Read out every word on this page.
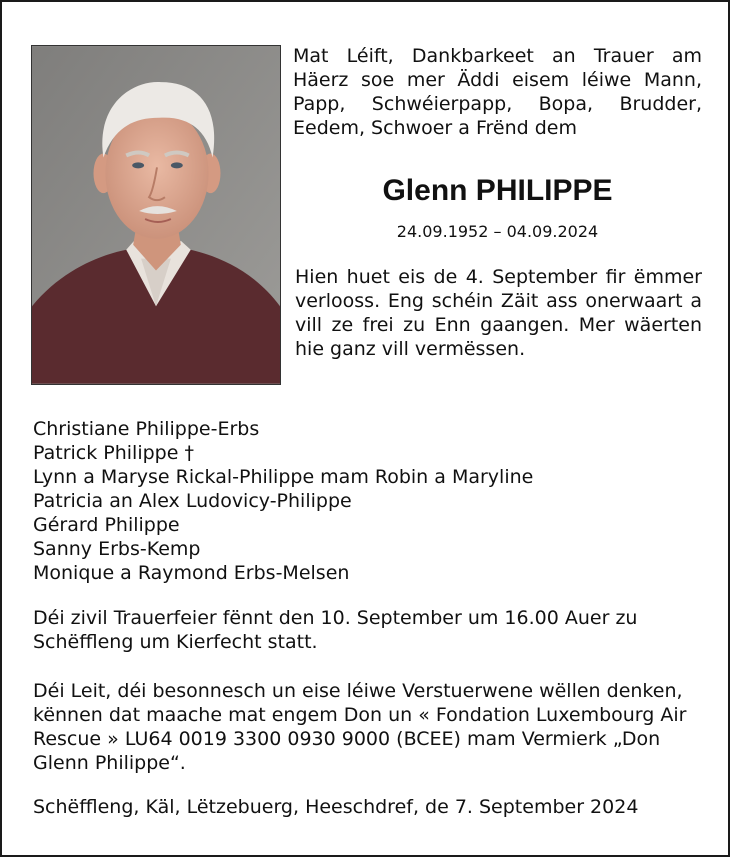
Mat Léift, Dankbarkeet an Trauer am Häerz soe mer Äddi eisem léiwe Mann, Papp, Schwéierpapp, Bopa, Brudder, Eedem, Schwoer a Frënd dem

Glenn PHILIPPE

24.09.1952 – 04.09.2024

Hien huet eis de 4. September fir ëmmer verlooss. Eng schéin Zäit ass onerwaart a vill ze frei zu Enn gaangen. Mer wäerten hie ganz vill vermëssen.

Christiane Philippe-Erbs
Patrick Philippe †
Lynn a Maryse Rickal-Philippe mam Robin a Maryline
Patricia an Alex Ludovicy-Philippe
Gérard Philippe
Sanny Erbs-Kemp
Monique a Raymond Erbs-Melsen

Déi zivil Trauerfeier fënnt den 10. September um 16.00 Auer zu Schëffleng um Kierfecht statt.

Déi Leit, déi besonnesch un eise léiwe Verstuerwene wëllen denken, kënnen dat maache mat engem Don un « Fondation Luxembourg Air Rescue » LU64 0019 3300 0930 9000 (BCEE) mam Vermierk „Don Glenn Philippe“.

Schëffleng, Käl, Lëtzebuerg, Heeschdref, de 7. September 2024
